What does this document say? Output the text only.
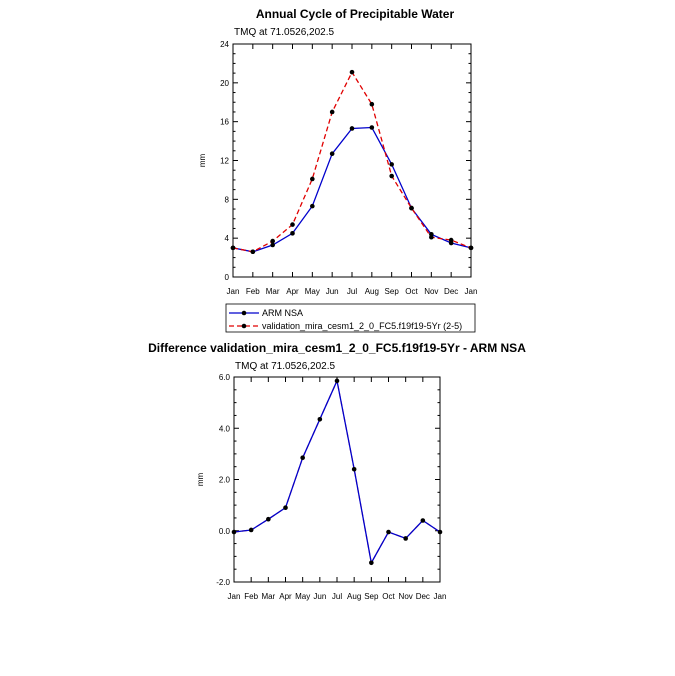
Annual Cycle of Precipitable Water
TMQ at 71.0526,202.5
0
4
8
12
16
20
24
Jan Feb Mar Apr May Jun Jul Aug Sep Oct Nov Dec Jan
mm
ARM NSA
validation_mira_cesm1_2_0_FC5.f19f19-5Yr (2-5)
Difference validation_mira_cesm1_2_0_FC5.f19f19-5Yr - ARM NSA
TMQ at 71.0526,202.5
-2.0
0.0
2.0
4.0
6.0
Jan Feb Mar Apr May Jun Jul Aug Sep Oct Nov Dec Jan
mm
